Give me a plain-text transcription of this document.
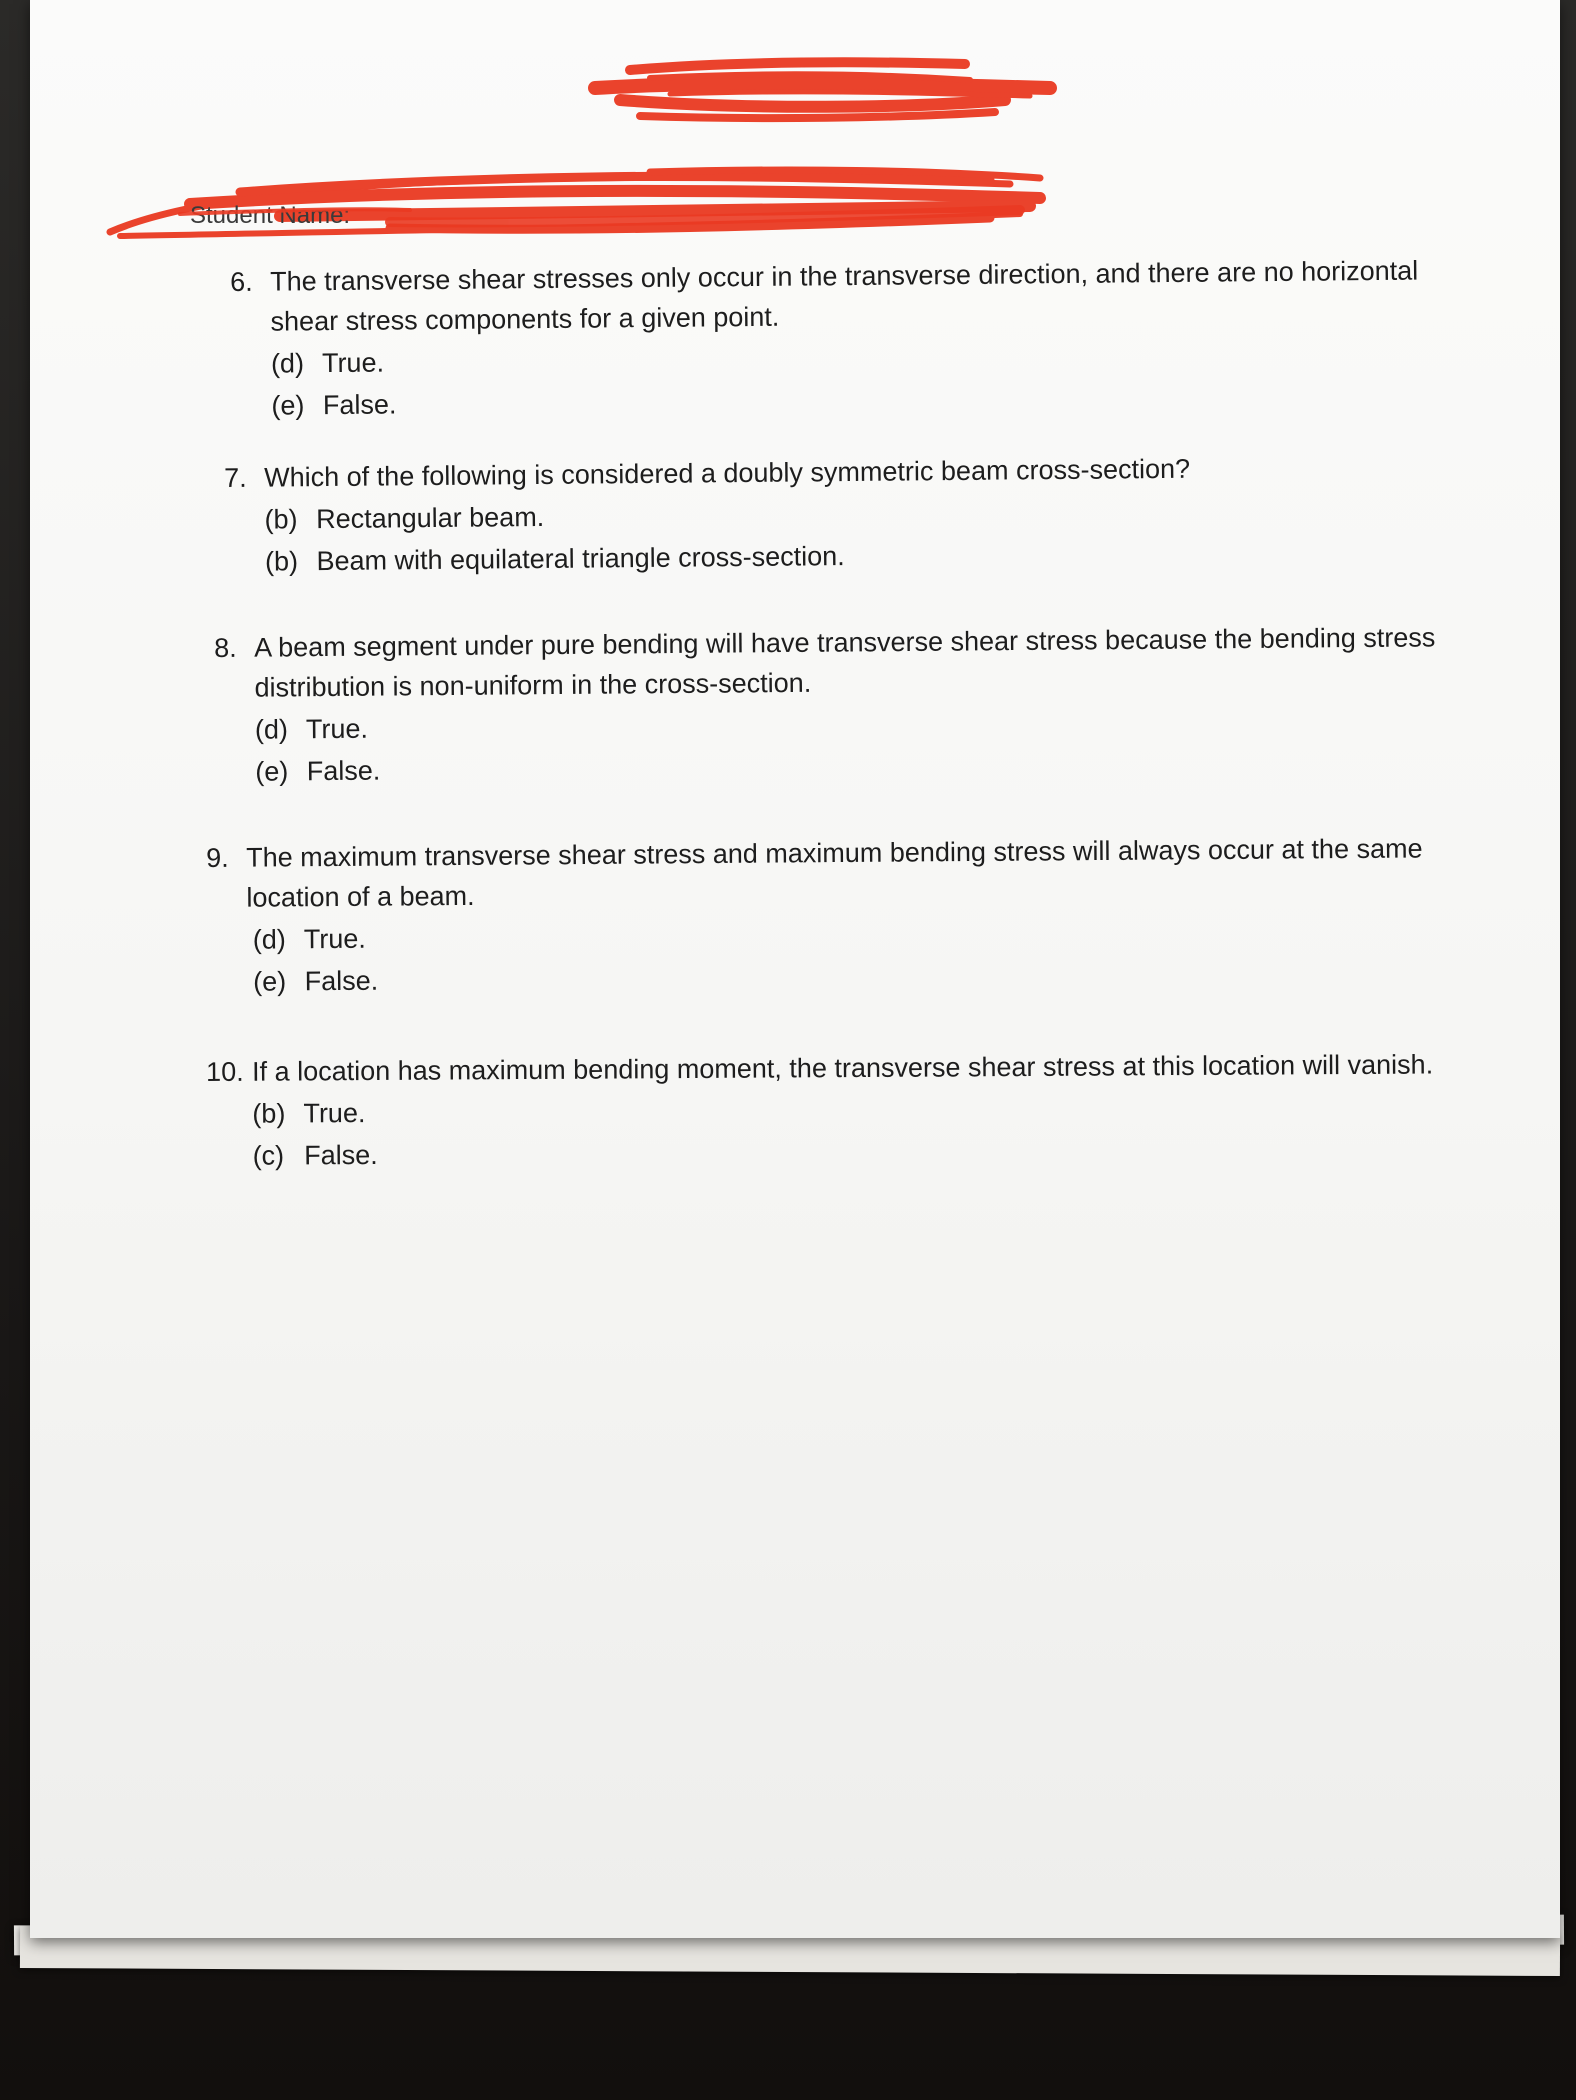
Student Name:
6. The transverse shear stresses only occur in the transverse direction, and there are no horizontal
shear stress components for a given point.
(d) True.
(e) False.
7. Which of the following is considered a doubly symmetric beam cross-section?
(b) Rectangular beam.
(b) Beam with equilateral triangle cross-section.
8. A beam segment under pure bending will have transverse shear stress because the bending stress
distribution is non-uniform in the cross-section.
(d) True.
(e) False.
9. The maximum transverse shear stress and maximum bending stress will always occur at the same
location of a beam.
(d) True.
(e) False.
10. If a location has maximum bending moment, the transverse shear stress at this location will vanish.
(b) True.
(c) False.
